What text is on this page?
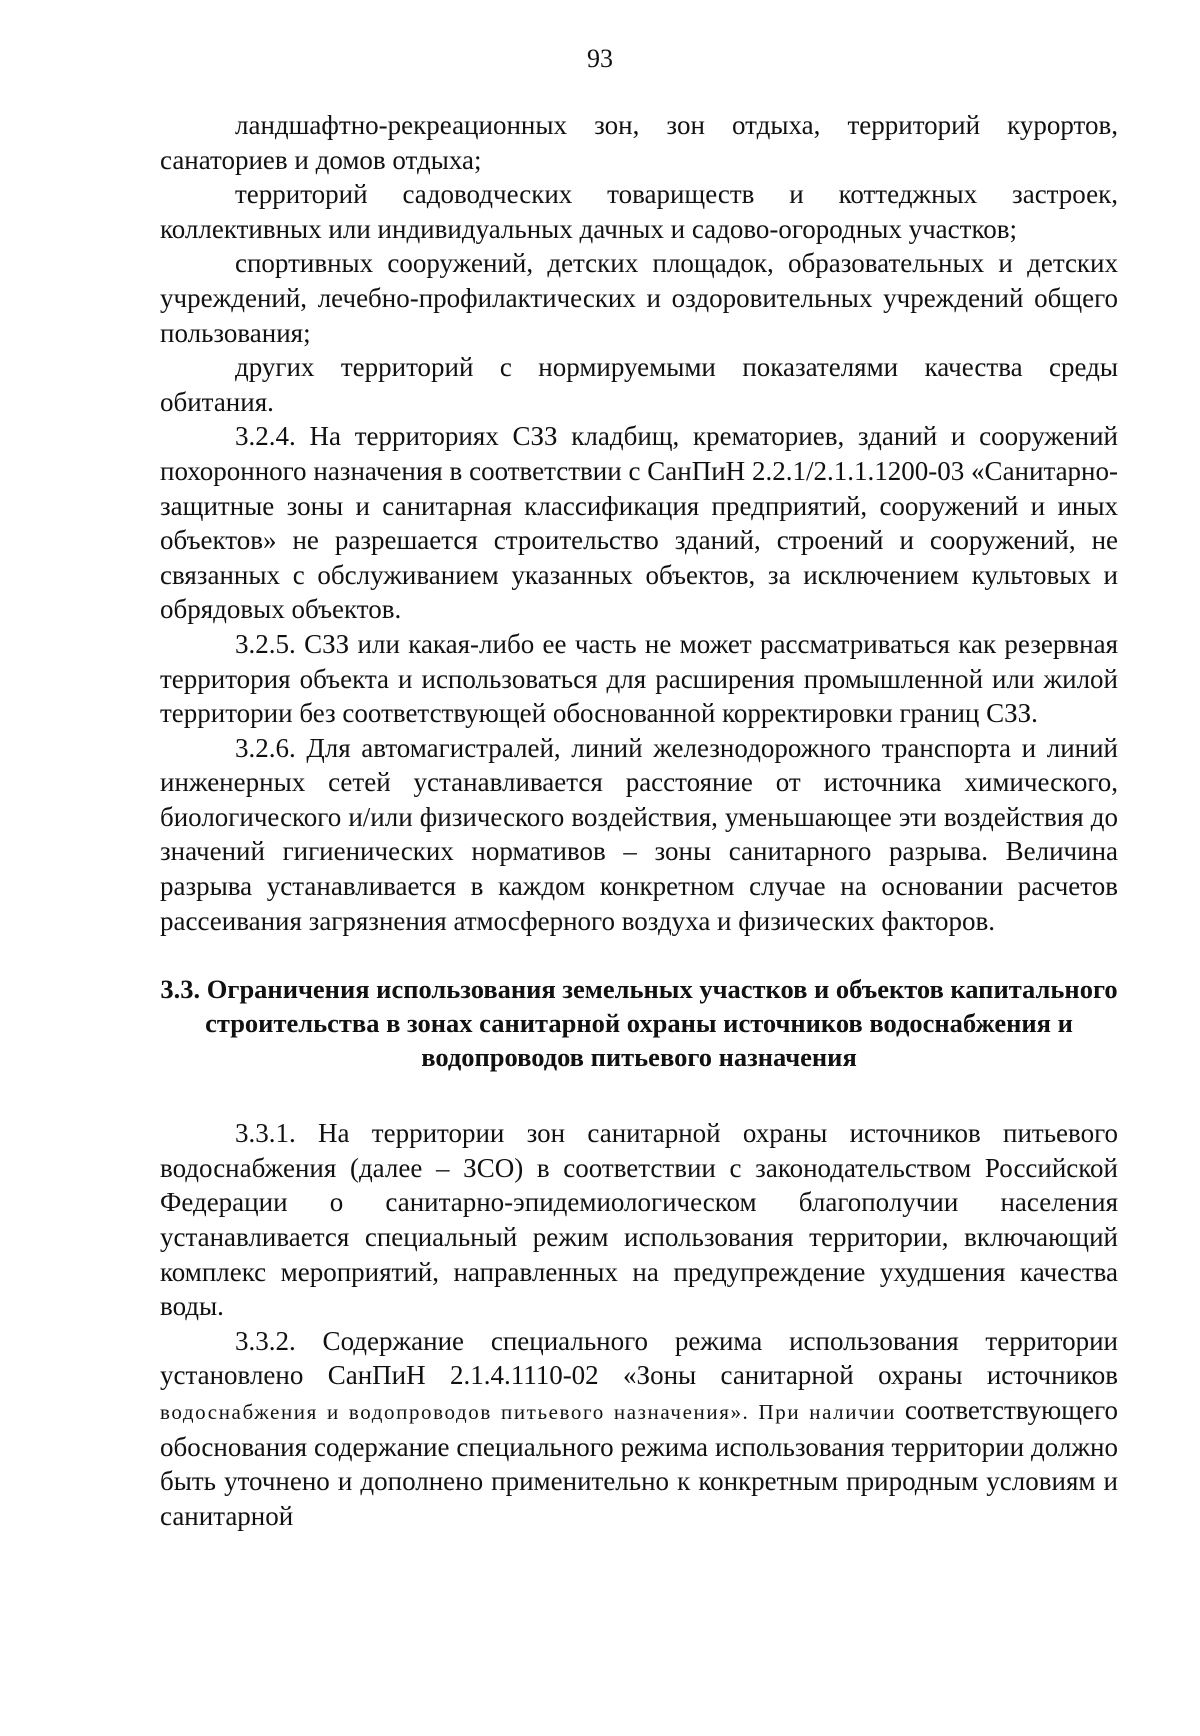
93

ландшафтно-рекреационных зон, зон отдыха, территорий курортов, санаториев и домов отдыха;

территорий садоводческих товариществ и коттеджных застроек, коллективных или индивидуальных дачных и садово-огородных участков;

спортивных сооружений, детских площадок, образовательных и детских учреждений, лечебно-профилактических и оздоровительных учреждений общего пользования;

других территорий с нормируемыми показателями качества среды обитания.

3.2.4. На территориях СЗЗ кладбищ, крематориев, зданий и сооружений похоронного назначения в соответствии с СанПиН 2.2.1/2.1.1.1200-03 «Санитарно-защитные зоны и санитарная классификация предприятий, сооружений и иных объектов» не разрешается строительство зданий, строений и сооружений, не связанных с обслуживанием указанных объектов, за исключением культовых и обрядовых объектов.

3.2.5. СЗЗ или какая-либо ее часть не может рассматриваться как резервная территория объекта и использоваться для расширения промышленной или жилой территории без соответствующей обоснованной корректировки границ СЗЗ.

3.2.6. Для автомагистралей, линий железнодорожного транспорта и линий инженерных сетей устанавливается расстояние от источника химического, биологического и/или физического воздействия, уменьшающее эти воздействия до значений гигиенических нормативов – зоны санитарного разрыва. Величина разрыва устанавливается в каждом конкретном случае на основании расчетов рассеивания загрязнения атмосферного воздуха и физических факторов.

3.3. Ограничения использования земельных участков и объектов капитального строительства в зонах санитарной охраны источников водоснабжения и водопроводов питьевого назначения

3.3.1. На территории зон санитарной охраны источников питьевого водоснабжения (далее – ЗСО) в соответствии с законодательством Российской Федерации о санитарно-эпидемиологическом благополучии населения устанавливается специальный режим использования территории, включающий комплекс мероприятий, направленных на предупреждение ухудшения качества воды.

3.3.2. Содержание специального режима использования территории установлено СанПиН 2.1.4.1110-02 «Зоны санитарной охраны источников водоснабжения и водопроводов питьевого назначения». При наличии соответствующего обоснования содержание специального режима использования территории должно быть уточнено и дополнено применительно к конкретным природным условиям и санитарной
